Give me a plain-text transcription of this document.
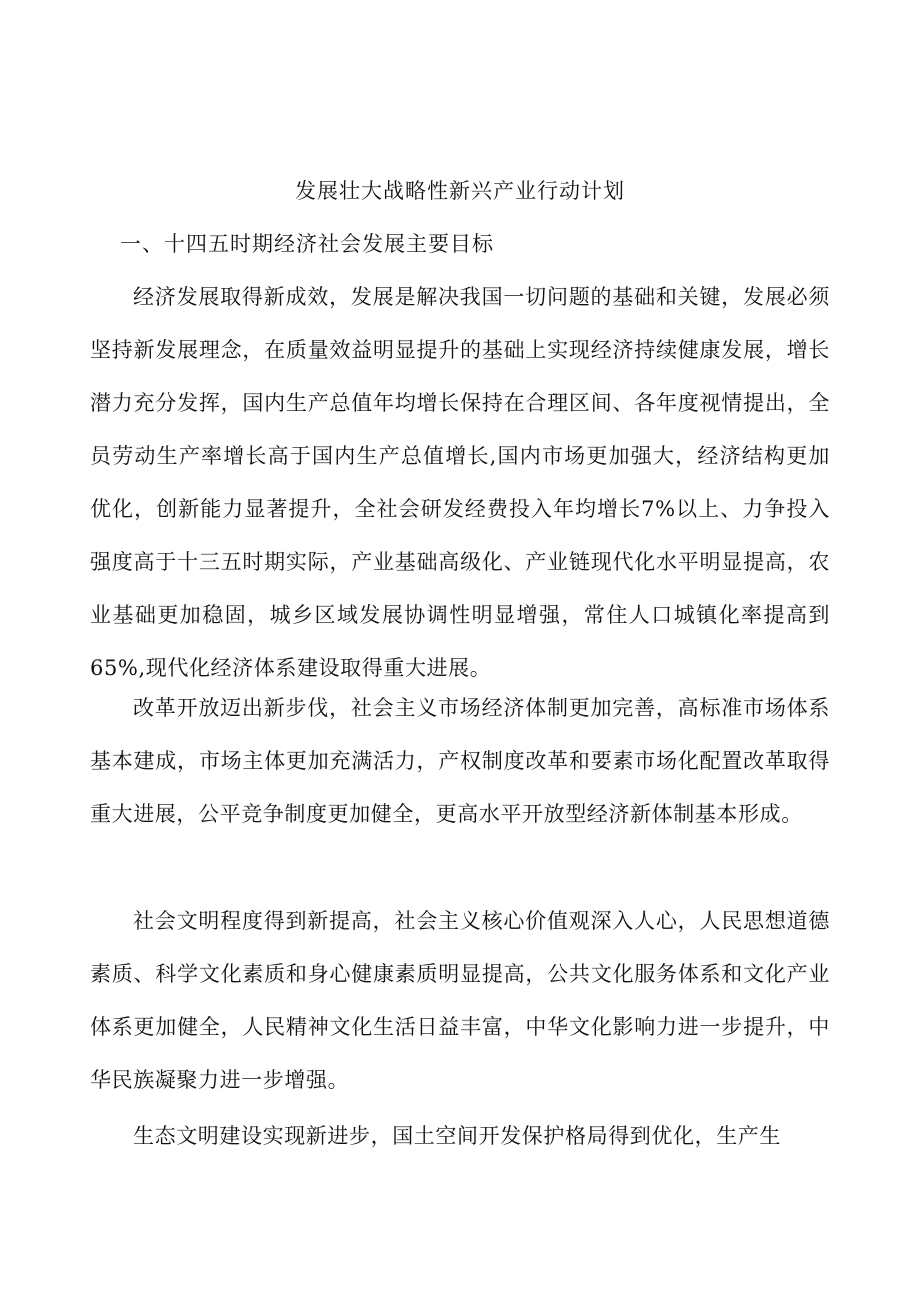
发展壮大战略性新兴产业行动计划
一、十四五时期经济社会发展主要目标

经济发展取得新成效，发展是解决我国一切问题的基础和关键，发展必须坚持新发展理念，在质量效益明显提升的基础上实现经济持续健康发展，增长潜力充分发挥，国内生产总值年均增长保持在合理区间、各年度视情提出，全员劳动生产率增长高于国内生产总值增长,国内市场更加强大，经济结构更加优化，创新能力显著提升，全社会研发经费投入年均增长7%以上、力争投入强度高于十三五时期实际，产业基础高级化、产业链现代化水平明显提高，农业基础更加稳固，城乡区域发展协调性明显增强，常住人口城镇化率提高到65%,现代化经济体系建设取得重大进展。

改革开放迈出新步伐，社会主义市场经济体制更加完善，高标准市场体系基本建成，市场主体更加充满活力，产权制度改革和要素市场化配置改革取得重大进展，公平竞争制度更加健全，更高水平开放型经济新体制基本形成。

社会文明程度得到新提高，社会主义核心价值观深入人心，人民思想道德素质、科学文化素质和身心健康素质明显提高，公共文化服务体系和文化产业体系更加健全，人民精神文化生活日益丰富，中华文化影响力进一步提升，中华民族凝聚力进一步增强。

生态文明建设实现新进步，国土空间开发保护格局得到优化，生产生
